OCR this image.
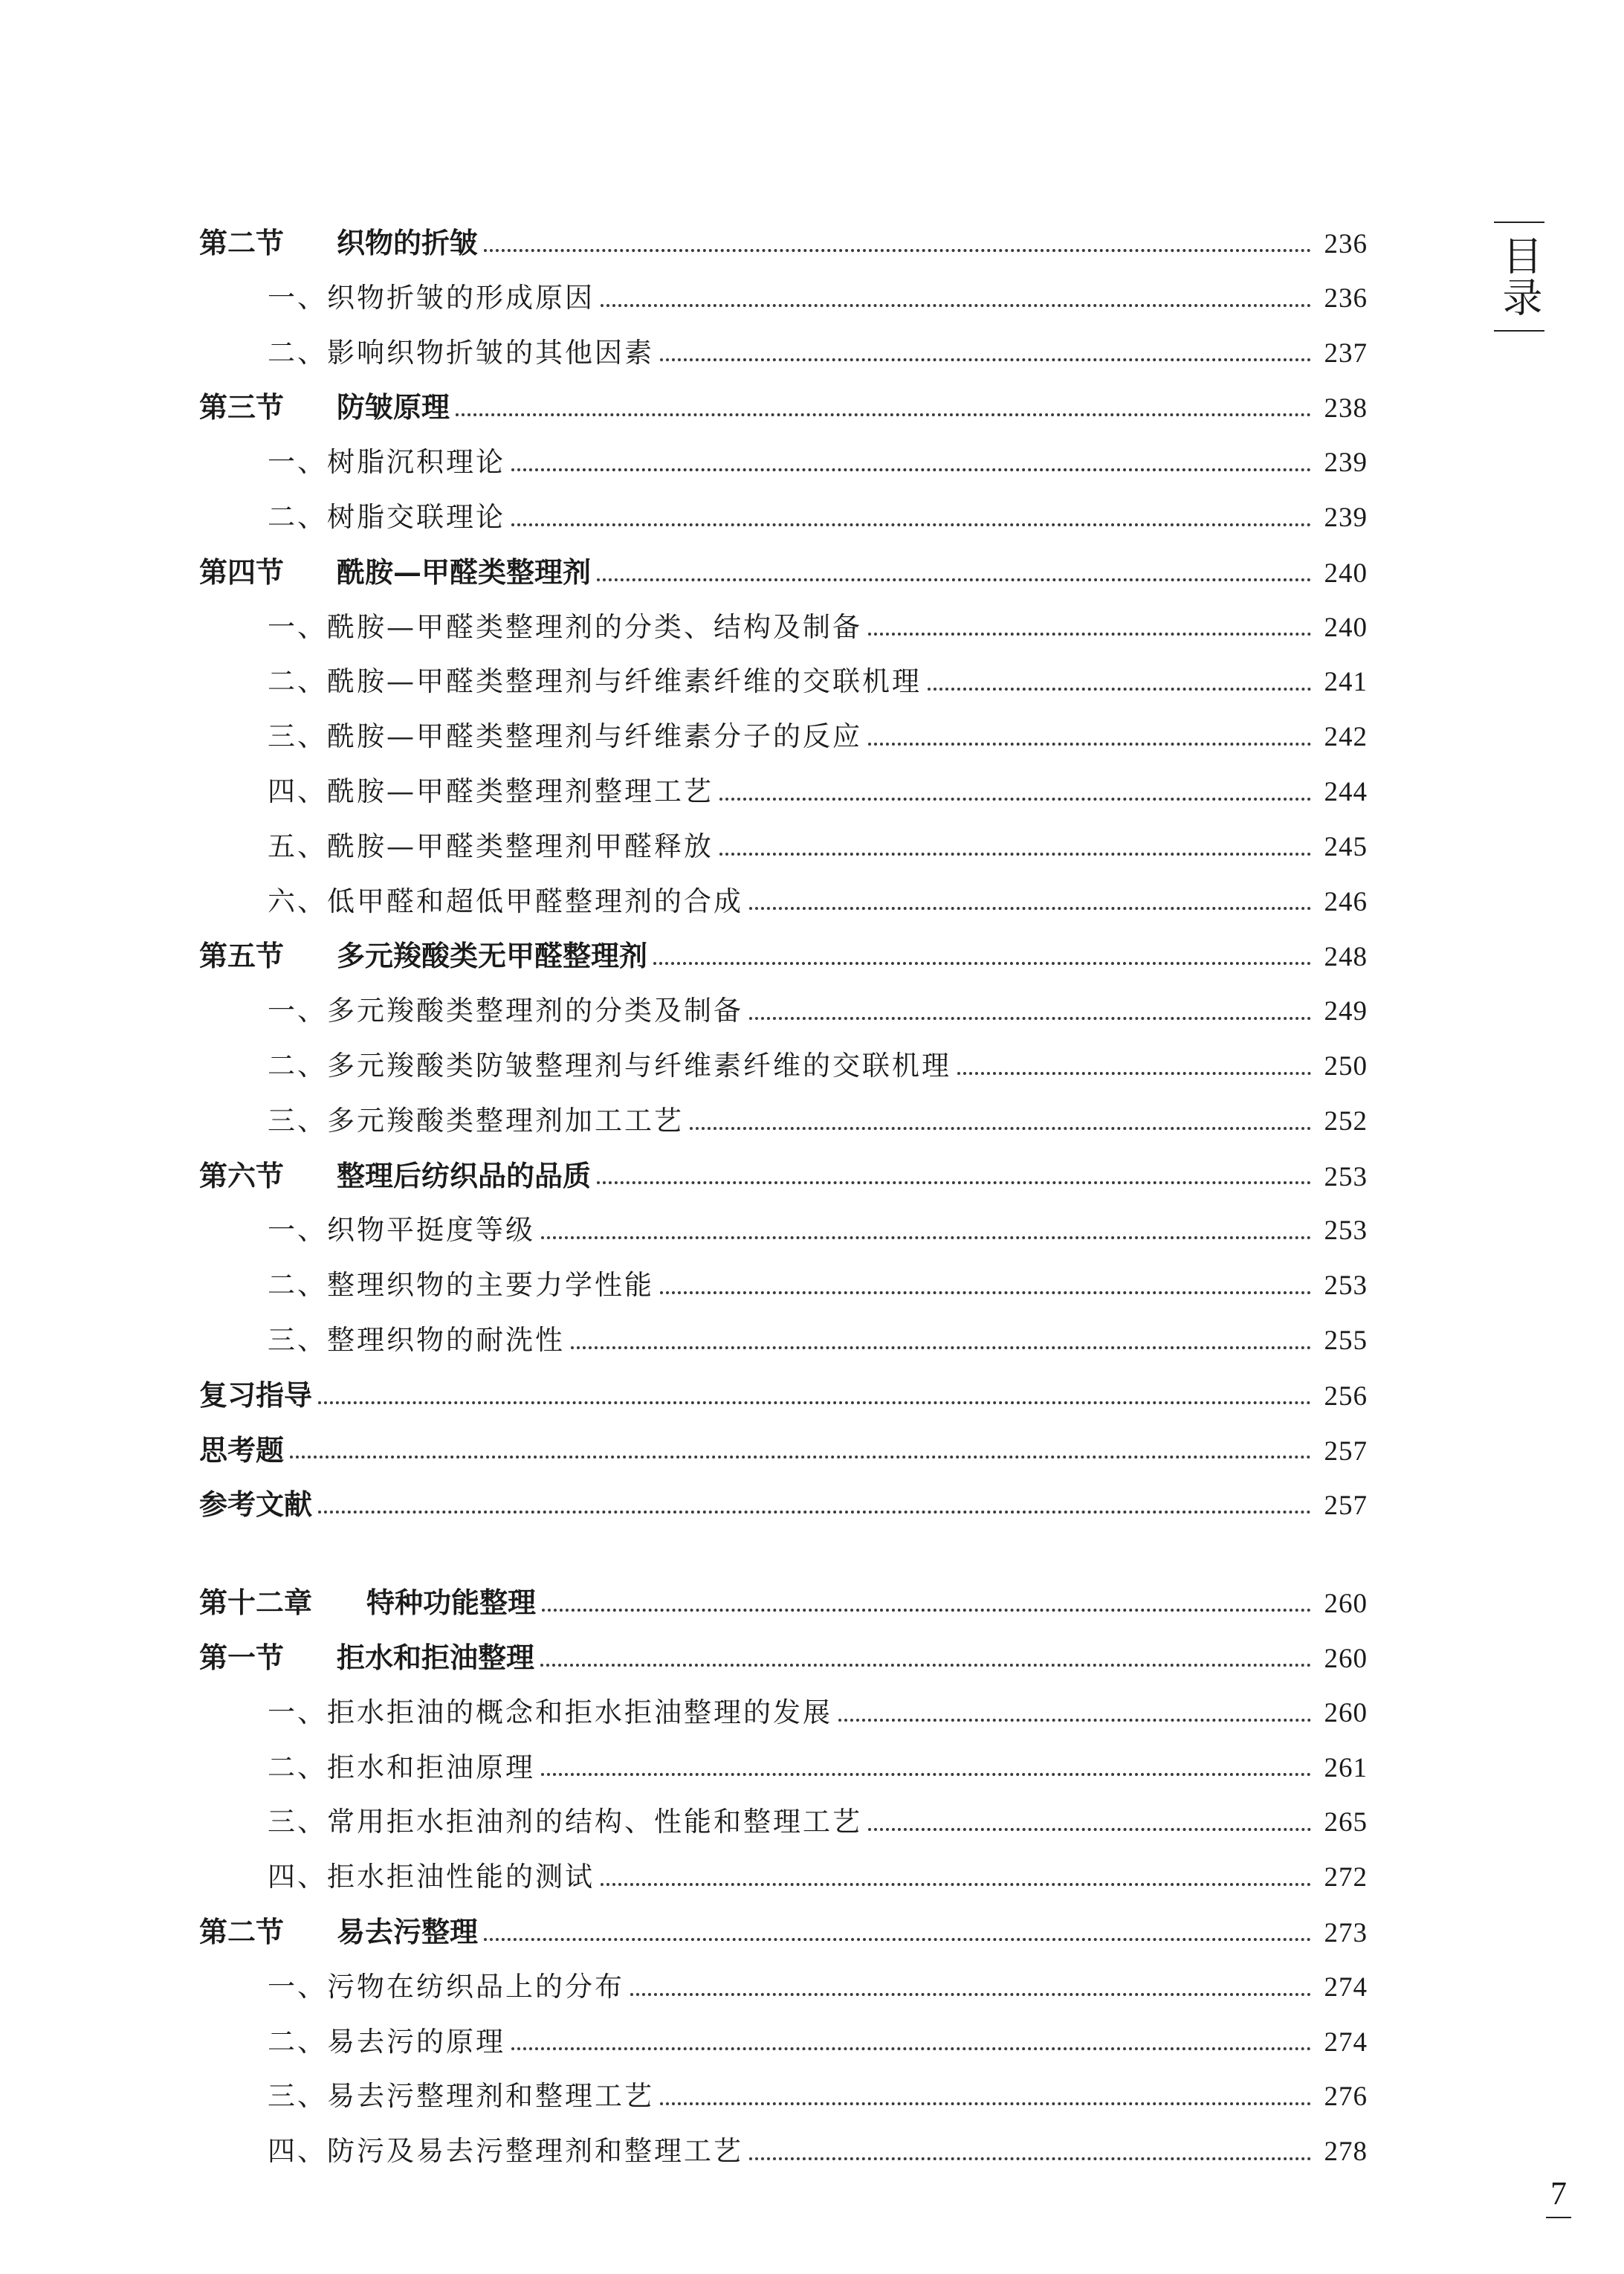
第二节	织物的折皱	236
一、织物折皱的形成原因	236
二、影响织物折皱的其他因素	237
第三节	防皱原理	238
一、树脂沉积理论	239
二、树脂交联理论	239
第四节	酰胺—甲醛类整理剂	240
一、酰胺—甲醛类整理剂的分类、结构及制备	240
二、酰胺—甲醛类整理剂与纤维素纤维的交联机理	241
三、酰胺—甲醛类整理剂与纤维素分子的反应	242
四、酰胺—甲醛类整理剂整理工艺	244
五、酰胺—甲醛类整理剂甲醛释放	245
六、低甲醛和超低甲醛整理剂的合成	246
第五节	多元羧酸类无甲醛整理剂	248
一、多元羧酸类整理剂的分类及制备	249
二、多元羧酸类防皱整理剂与纤维素纤维的交联机理	250
三、多元羧酸类整理剂加工工艺	252
第六节	整理后纺织品的品质	253
一、织物平挺度等级	253
二、整理织物的主要力学性能	253
三、整理织物的耐洗性	255
复习指导	256
思考题	257
参考文献	257
第十二章	特种功能整理	260
第一节	拒水和拒油整理	260
一、拒水拒油的概念和拒水拒油整理的发展	260
二、拒水和拒油原理	261
三、常用拒水拒油剂的结构、性能和整理工艺	265
四、拒水拒油性能的测试	272
第二节	易去污整理	273
一、污物在纺织品上的分布	274
二、易去污的原理	274
三、易去污整理剂和整理工艺	276
四、防污及易去污整理剂和整理工艺	278
目录
7
